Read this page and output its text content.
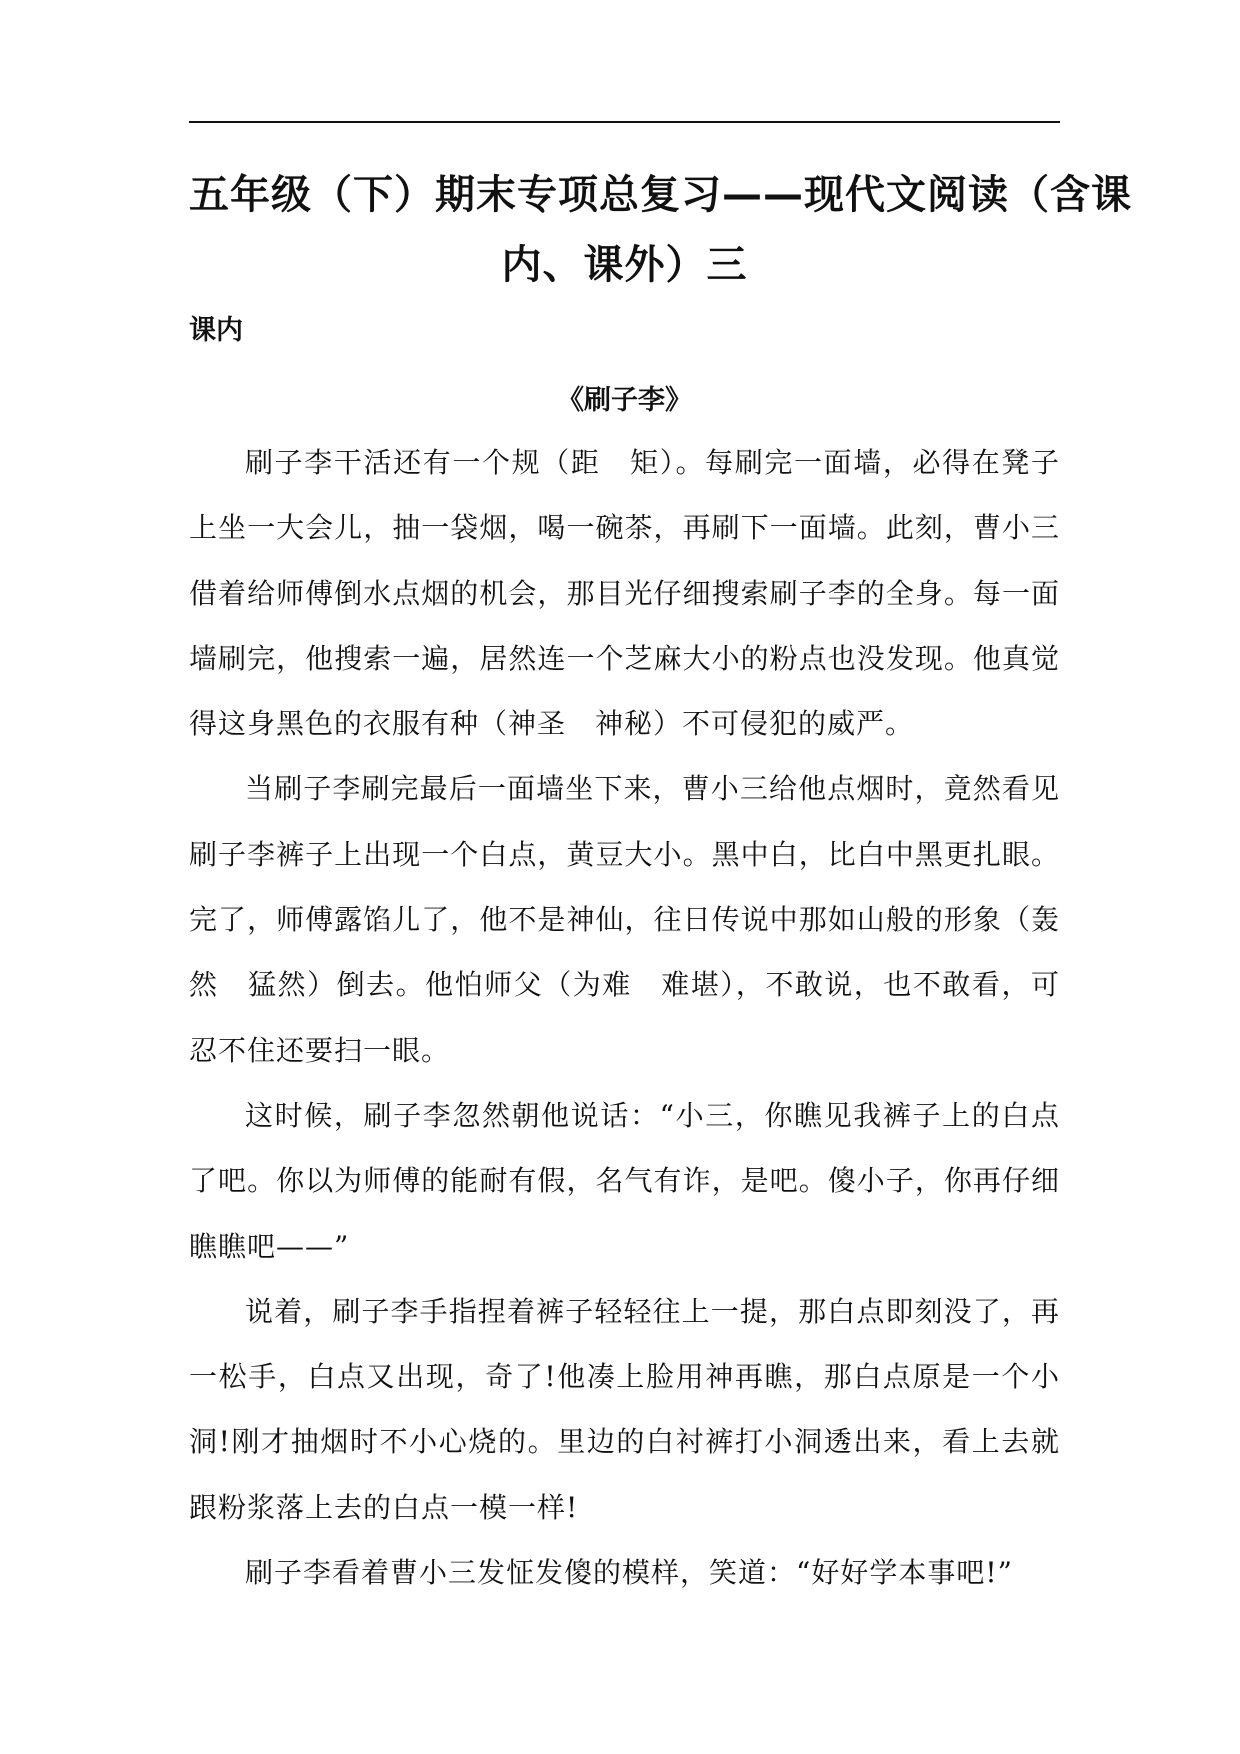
五年级（下）期末专项总复习——现代文阅读（含课
内、课外）三
课内
《刷子李》

刷子李干活还有一个规（距　矩）。每刷完一面墙，必得在凳子上坐一大会儿，抽一袋烟，喝一碗茶，再刷下一面墙。此刻，曹小三借着给师傅倒水点烟的机会，那目光仔细搜索刷子李的全身。每一面墙刷完，他搜索一遍，居然连一个芝麻大小的粉点也没发现。他真觉得这身黑色的衣服有种（神圣　神秘）不可侵犯的威严。

当刷子李刷完最后一面墙坐下来，曹小三给他点烟时，竟然看见刷子李裤子上出现一个白点，黄豆大小。黑中白，比白中黑更扎眼。完了，师傅露馅儿了，他不是神仙，往日传说中那如山般的形象（轰然　猛然）倒去。他怕师父（为难　难堪），不敢说，也不敢看，可忍不住还要扫一眼。

这时候，刷子李忽然朝他说话：“小三，你瞧见我裤子上的白点了吧。你以为师傅的能耐有假，名气有诈，是吧。傻小子，你再仔细瞧瞧吧——”

说着，刷子李手指捏着裤子轻轻往上一提，那白点即刻没了，再一松手，白点又出现，奇了!他凑上脸用神再瞧，那白点原是一个小洞!刚才抽烟时不小心烧的。里边的白衬裤打小洞透出来，看上去就跟粉浆落上去的白点一模一样!

刷子李看着曹小三发怔发傻的模样，笑道：“好好学本事吧!”
